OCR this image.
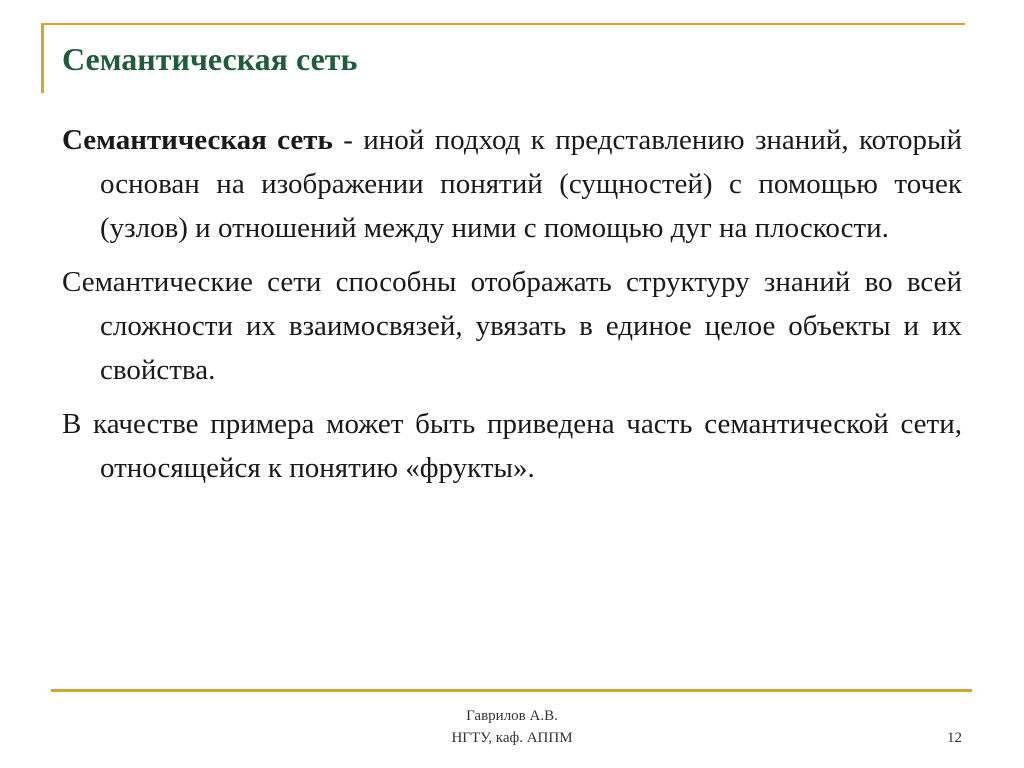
Семантическая сеть

Семантическая сеть - иной подход к представлению знаний, который основан на изображении понятий (сущностей) с помощью точек (узлов) и отношений между ними с помощью дуг на плоскости.

Семантические сети способны отображать структуру знаний во всей сложности их взаимосвязей, увязать в единое целое объекты и их свойства.

В качестве примера может быть приведена часть семантической сети, относящейся к понятию «фрукты».

Гаврилов А.В.
НГТУ, каф. АППМ	12
